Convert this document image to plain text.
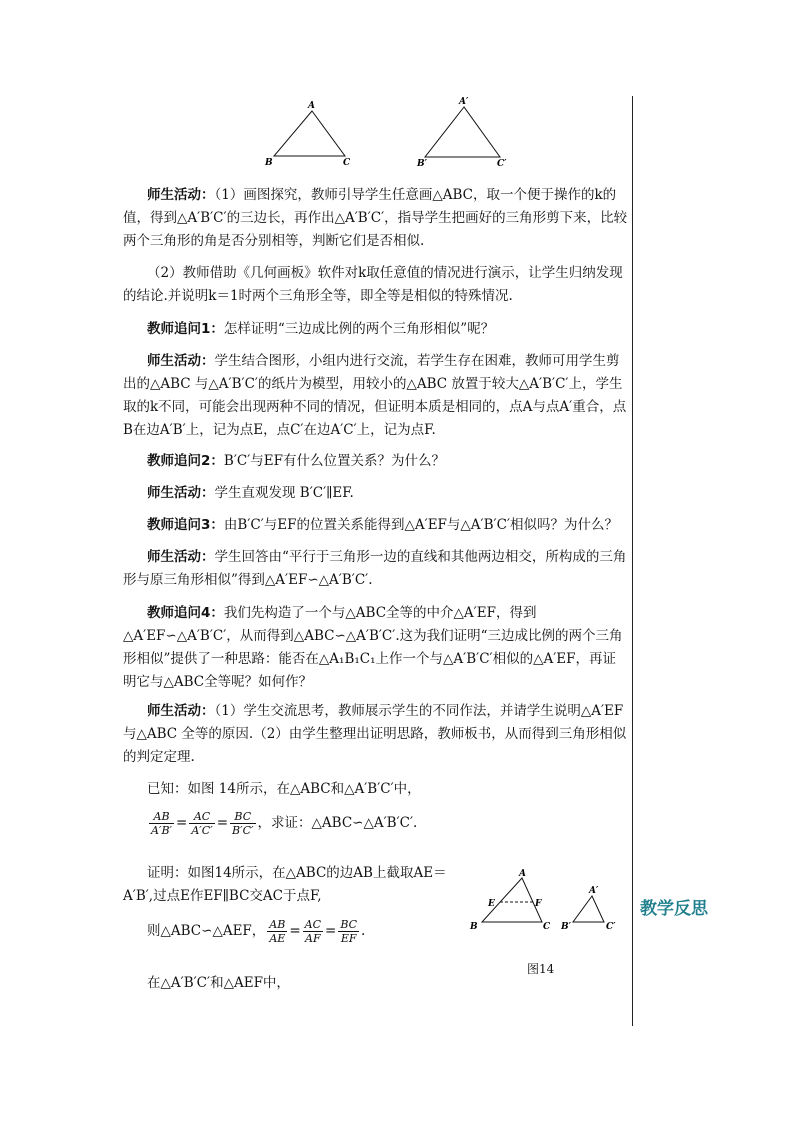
教学反思
A
B	C
A′
B′	C′
师生活动：（1）画图探究，教师引导学生任意画△ABC，取一个便于操作的k的值，得到△A′B′C′的三边长，再作出△A′B′C′，指导学生把画好的三角形剪下来，比较两个三角形的角是否分别相等，判断它们是否相似.
（2）教师借助《几何画板》软件对k取任意值的情况进行演示，让学生归纳发现的结论.并说明k＝1时两个三角形全等，即全等是相似的特殊情况.
教师追问1：怎样证明“三边成比例的两个三角形相似”呢？
师生活动：学生结合图形，小组内进行交流，若学生存在困难，教师可用学生剪出的△ABC 与△A′B′C′的纸片为模型，用较小的△ABC 放置于较大△A′B′C′上，学生取的k不同，可能会出现两种不同的情况，但证明本质是相同的，点A与点A′重合，点B在边A′B′上，记为点E，点C′在边A′C′上，记为点F.
教师追问2：B′C′与EF有什么位置关系？为什么？
师生活动：学生直观发现 B′C′∥EF.
教师追问3：由B′C′与EF的位置关系能得到△A′EF与△A′B′C′相似吗？为什么？
师生活动：学生回答由“平行于三角形一边的直线和其他两边相交，所构成的三角形与原三角形相似”得到△A′EF∽△A′B′C′.
教师追问4：我们先构造了一个与△ABC全等的中介△A′EF，得到△A′EF∽△A′B′C′，从而得到△ABC∽△A′B′C′.这为我们证明“三边成比例的两个三角形相似”提供了一种思路：能否在△A₁B₁C₁上作一个与△A′B′C′相似的△A′EF，再证明它与△ABC全等呢？如何作？
师生活动：（1）学生交流思考，教师展示学生的不同作法，并请学生说明△A′EF与△ABC 全等的原因.（2）由学生整理出证明思路，教师板书，从而得到三角形相似的判定定理.
已知：如图 14所示，在△ABC和△A′B′C′中，
$\frac{AB}{A'B'} = \frac{AC}{A'C'} = \frac{BC}{B'C'}$ ，求证：△ABC∽△A′B′C′.
证明：如图14所示，在△ABC的边AB上截取AE＝A′B′,过点E作EF∥BC交AC于点F,
则△ABC∽△AEF， $\frac{AB}{AE} = \frac{AC}{AF} = \frac{BC}{EF}$ .
在△A′B′C′和△AEF中，
A
B	C
E	F
A′
B′	C′
图14
